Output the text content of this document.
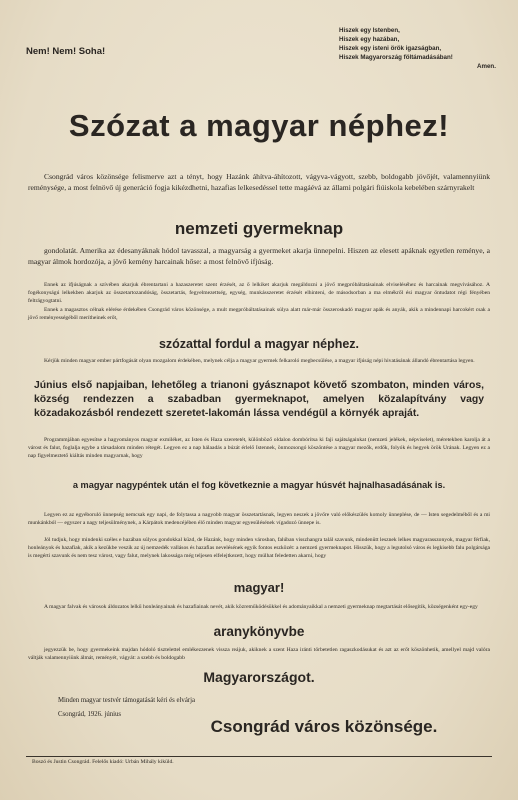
Nem! Nem! Soha!
Hiszek egy Istenben,
Hiszek egy hazában,
Hiszek egy isteni örök igazságban,
Hiszek Magyarország föltámadásában!
Amen.
Szózat a magyar néphez!
Csongrád város közönsége felismerve azt a tényt, hogy Hazánk áhítva-áhítozott, vágyva-vágyott, szebb, boldogabb jövőjét, valamennyiünk reménysége, a most felnövő új generáció fogja kikézdhetni, hazafias lelkesedéssel tette magáévá az állami polgári fiúiskola kebelében szárnyrakelt
nemzeti gyermeknap
gondolatát. Amerika az édesanyáknak hódol tavasszal, a magyarság a gyermeket akarja ünnepelni. Hiszen az elesett apáknak egyetlen reménye, a magyar álmok hordozója, a jövő kemény harcainak hőse: a most felnövő ifjúság.
Ennek az ifjúságnak a szívében akarjuk ébrentartani a hazaszeretet szent érzését, az ő lelkiket akarjuk megáldozni a jövő megpróbáltatásainak elviseléséhez és harcainak megvívásához. A fogékonyságú lelkekben akarjuk az összetartozandóság, összetartás, fegyelmezettség, egység, munkásszeretet érzését elhinteni, de másodsorban a ma elmékről ési magyar öntudatot régi fényében feltrágyogtatni.
Ennek a magasztos célnak elérése érdekében Csongrád város közönsége, a mult megpróbáltatásainak súlya alatt már-már összeroskadó magyar apák és anyák, akik a mindennapi harcokért csak a jövő reményességéből merítheinek erőt,
szózattal fordul a magyar néphez.
Kérjük minden magyar ember pártfogását olyan mozgalom érdekében, melynek célja a magyar gyermek felkaroló megbecsülése, a magyar ifjúság népi hivatásának állandó ébrentartása legyen.
Június első napjaiban, lehetőleg a trianoni gyásznapot követő szombaton, minden város, község rendezzen a szabadban gyermeknapot, amelyen közalapítvány vagy közadakozásból rendezett szeretet-lakomán lássa vendégül a környék apraját.
Programmjában egyesítse a hagyományos magyar exmiléket, az Isten és Haza szeretetét, különböző oldalon dombórítsa ki faji sajátságainkat (nemzeti jelékek, népviselet), méretekben karolja át a várost és falut, foglalja egybe a társadalom minden rétegét. Legyen ez a nap hálaadás a búzát érlelő Istennek, önmozsongó köszöntése a magyar mezők, erdők, folyók és hegyek örök Urának. Legyen ez a nap figyelmeztető kiáltás minden magyarnak, hogy
a magyar nagypéntek után el fog következnie a magyar húsvét hajnalhasadásának is.
Legyen ez az egyéboruló ünnepség nemcsak egy napi, de folytassa a nagyobb magyar összetartásnak, legyen neszek a jövőre való előkészülés komoly ünneplése, de — Isten segedelméből és a mi munkánkból — egyszer a nagy teljesülménynek, a Kárpátok medencéjében élő minden magyar egyesülésének vígadozó ünnepe is.
Jól tudjuk, hogy mindenki széles e hazában súlyos gondokkal küzd, de Hazánk, hogy minden városban, falúban visszhangra talál szavunk, mindenütt lesznek lelkes magyarasszonyok, magyar férfiak, honleányok és hazafiak, akik a kezükbe veszik az új nemzedék vallásos és hazafias nevelésének egyik fontos eszközét: a nemzeti gyermeknapot. Hisszük, hogy a legutolsó város és legkisebb falu polgársága is megérti szavunk és nem tesz várost, vagy falut, melynek lakossága még teljesen elfelejtkezett, hogy múlhat feledetten akarni, hogy
magyar!
A magyar falvak és városok áldozatos lelkű honleányainak és hazafiainak nevét, akik közreműködésükkel és adományaikkal a nemzeti gyermeknap megtartását elősegítik, községenként egy-egy
aranykönyvbe
jegyezzük be, hogy gyermekeink majdan hódoló tisztelettel emlékezzenek vissza reájuk, akiknek a szent Haza iránti törbetetlen ragaszkodásukat és azt az erőt köszönhetik, amellyel majd valóra váltják valamennyiünk álmát, reményét, vágyát: a szebb és boldogabb
Magyarországot.
Minden magyar testvér támogatását kéri és elvárja
Csongrád, 1926. június
Csongrád város közönsége.
Boszó és Justin Csongrád. Felelős kiadó: Urbán Mihály kiküld.
